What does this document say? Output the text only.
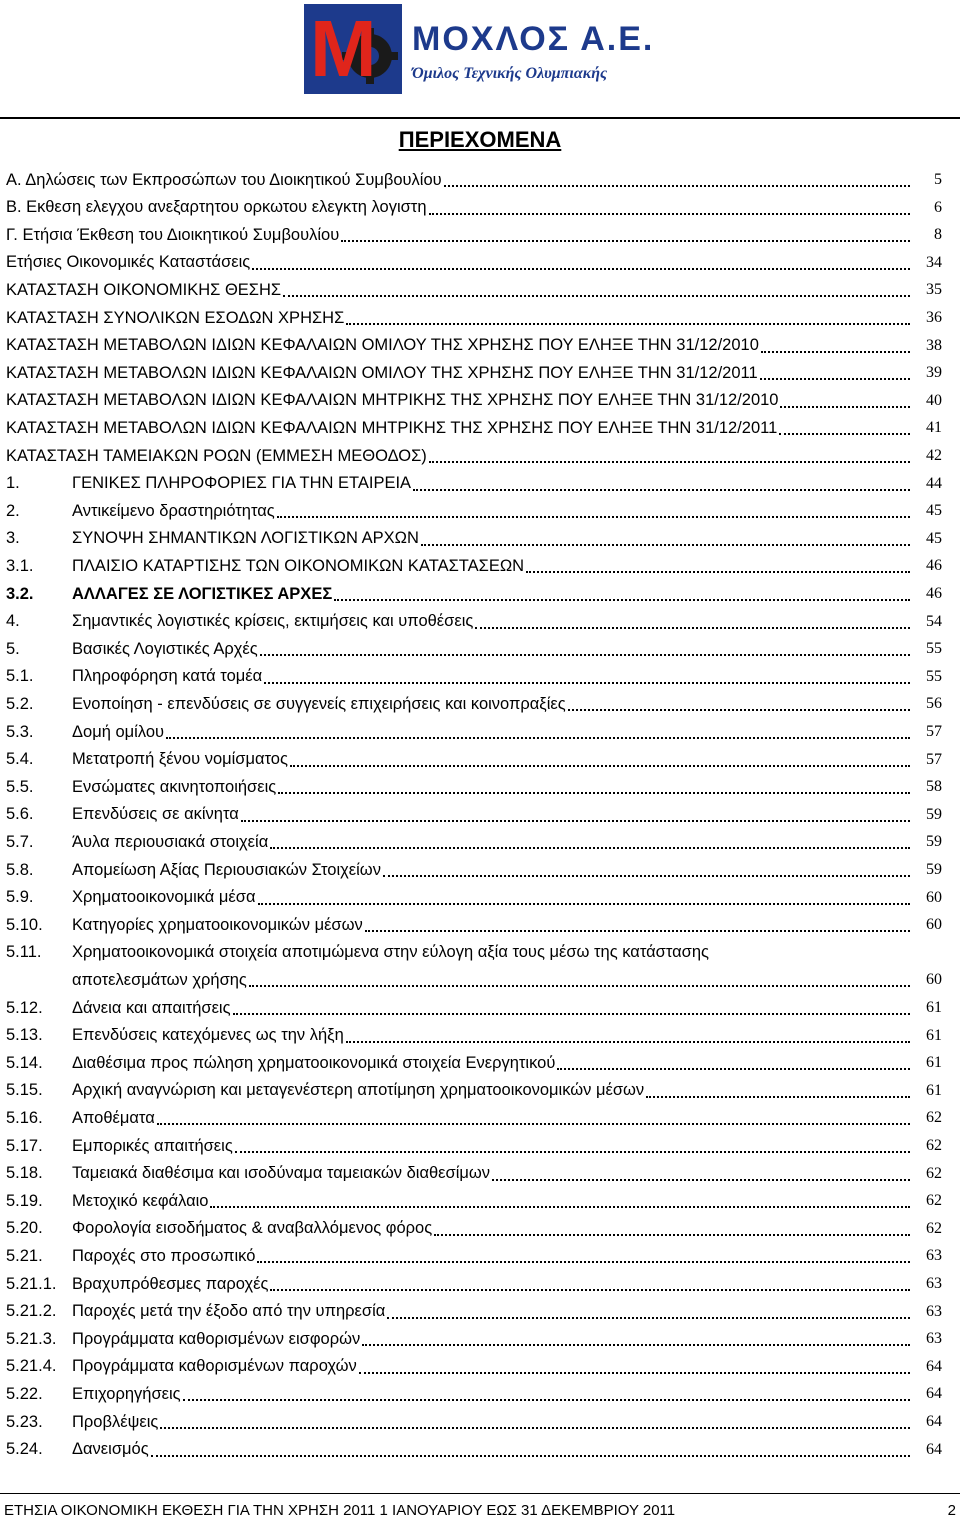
M ΜΟΧΛΟΣ Α.Ε.
Όμιλος Τεχνικής Ολυμπιακής
ΠΕΡΙΕΧΟΜΕΝΑ
Α. Δηλώσεις των Εκπροσώπων του Διοικητικού Συμβουλίου	5
Β. Εκθεση ελεγχου ανεξαρτητου ορκωτου ελεγκτη λογιστη	6
Γ. Ετήσια Έκθεση του Διοικητικού Συμβουλίου	8
Ετήσιες Οικονομικές Καταστάσεις	34
ΚΑΤΑΣΤΑΣΗ ΟΙΚΟΝΟΜΙΚΗΣ ΘΕΣΗΣ	35
ΚΑΤΑΣΤΑΣΗ ΣΥΝΟΛΙΚΩΝ ΕΣΟΔΩΝ ΧΡΗΣΗΣ	36
ΚΑΤΑΣΤΑΣΗ ΜΕΤΑΒΟΛΩΝ ΙΔΙΩΝ ΚΕΦΑΛΑΙΩΝ ΟΜΙΛΟΥ ΤΗΣ ΧΡΗΣΗΣ ΠΟΥ ΕΛΗΞΕ ΤΗΝ 31/12/2010	38
ΚΑΤΑΣΤΑΣΗ ΜΕΤΑΒΟΛΩΝ ΙΔΙΩΝ ΚΕΦΑΛΑΙΩΝ ΟΜΙΛΟΥ ΤΗΣ ΧΡΗΣΗΣ ΠΟΥ ΕΛΗΞΕ ΤΗΝ 31/12/2011	39
ΚΑΤΑΣΤΑΣΗ ΜΕΤΑΒΟΛΩΝ ΙΔΙΩΝ ΚΕΦΑΛΑΙΩΝ ΜΗΤΡΙΚΗΣ ΤΗΣ ΧΡΗΣΗΣ ΠΟΥ ΕΛΗΞΕ ΤΗΝ 31/12/2010	40
ΚΑΤΑΣΤΑΣΗ ΜΕΤΑΒΟΛΩΝ ΙΔΙΩΝ ΚΕΦΑΛΑΙΩΝ ΜΗΤΡΙΚΗΣ ΤΗΣ ΧΡΗΣΗΣ ΠΟΥ ΕΛΗΞΕ ΤΗΝ 31/12/2011	41
ΚΑΤΑΣΤΑΣΗ ΤΑΜΕΙΑΚΩΝ ΡΟΩΝ (ΕΜΜΕΣΗ ΜΕΘΟΔΟΣ)	42
1.	ΓΕΝΙΚΕΣ ΠΛΗΡΟΦΟΡΙΕΣ ΓΙΑ ΤΗΝ ΕΤΑΙΡΕΙΑ	44
2.	Αντικείμενο δραστηριότητας	45
3.	ΣΥΝΟΨΗ ΣΗΜΑΝΤΙΚΩΝ ΛΟΓΙΣΤΙΚΩΝ ΑΡΧΩΝ	45
3.1.	ΠΛΑΙΣΙΟ ΚΑΤΑΡΤΙΣΗΣ ΤΩΝ ΟΙΚΟΝΟΜΙΚΩΝ ΚΑΤΑΣΤΑΣΕΩΝ	46
3.2.	ΑΛΛΑΓΕΣ ΣΕ ΛΟΓΙΣΤΙΚΕΣ ΑΡΧΕΣ	46
4.	Σημαντικές λογιστικές κρίσεις, εκτιμήσεις και υποθέσεις	54
5.	Βασικές Λογιστικές Αρχές	55
5.1.	Πληροφόρηση κατά τομέα	55
5.2.	Ενοποίηση - επενδύσεις σε συγγενείς επιχειρήσεις και κοινοπραξίες	56
5.3.	Δομή ομίλου	57
5.4.	Μετατροπή ξένου νομίσματος	57
5.5.	Ενσώματες ακινητοποιήσεις	58
5.6.	Επενδύσεις σε ακίνητα	59
5.7.	Άυλα περιουσιακά στοιχεία	59
5.8.	Απομείωση Αξίας Περιουσιακών Στοιχείων	59
5.9.	Χρηματοοικονομικά μέσα	60
5.10.	Κατηγορίες χρηματοοικονομικών μέσων	60
5.11.	Χρηματοοικονομικά στοιχεία αποτιμώμενα στην εύλογη αξία τους μέσω της κατάστασης
αποτελεσμάτων χρήσης	60
5.12.	Δάνεια και απαιτήσεις	61
5.13.	Επενδύσεις κατεχόμενες ως την λήξη	61
5.14.	Διαθέσιμα προς πώληση χρηματοοικονομικά στοιχεία Ενεργητικού	61
5.15.	Αρχική αναγνώριση και μεταγενέστερη αποτίμηση χρηματοοικονομικών μέσων	61
5.16.	Αποθέματα	62
5.17.	Εμπορικές απαιτήσεις	62
5.18.	Ταμειακά διαθέσιμα και ισοδύναμα ταμειακών διαθεσίμων	62
5.19.	Μετοχικό κεφάλαιο	62
5.20.	Φορολογία εισοδήματος & αναβαλλόμενος φόρος	62
5.21.	Παροχές στο προσωπικό	63
5.21.1. Βραχυπρόθεσμες παροχές	63
5.21.2. Παροχές μετά την έξοδο από την υπηρεσία	63
5.21.3. Προγράμματα καθορισμένων εισφορών	63
5.21.4. Προγράμματα καθορισμένων παροχών	64
5.22.	Επιχορηγήσεις	64
5.23.	Προβλέψεις	64
5.24.	Δανεισμός	64
ΕΤΗΣΙΑ ΟΙΚΟΝΟΜΙΚΗ ΕΚΘΕΣΗ ΓΙΑ ΤΗΝ ΧΡΗΣΗ 2011 1 ΙΑΝΟΥΑΡΙΟΥ ΕΩΣ 31 ΔΕΚΕΜΒΡΙΟΥ 2011	2
